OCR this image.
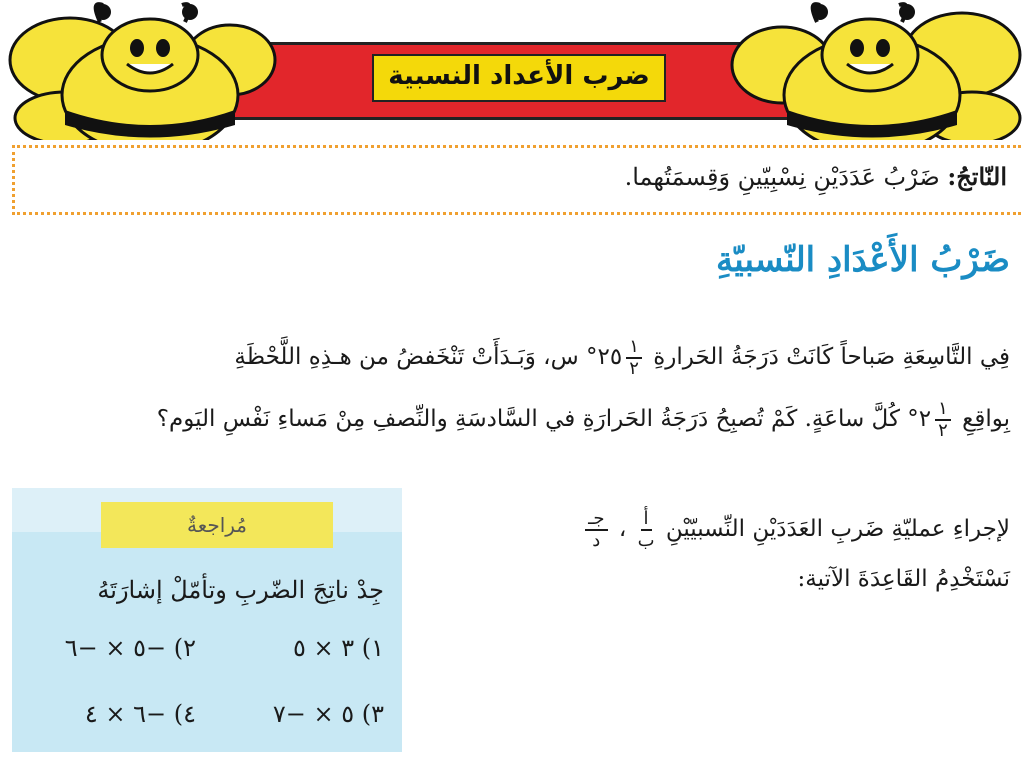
ضرب الأعداد النسبية
النّاتجُ: ضَرْبُ عَدَدَيْنِ نِسْبِيّينِ وَقِسمَتُهما.
ضَرْبُ الأَعْدَادِ النّسبيّةِ
فِي التَّاسِعَةِ صَباحاً كَانَتْ دَرَجَةُ الحَرارةِ
$\frac{١}{٢}$
٢٥° س، وَبَـدَأَتْ تَنْخَفضُ من هـذِهِ اللَّحْظَةِ
بِواقِعِ
$\frac{١}{٢}$
٢° كُلَّ ساعَةٍ. كَمْ تُصبِحُ دَرَجَةُ الحَرارَةِ في السَّادسَةِ والنِّصفِ مِنْ مَساءِ نَفْسِ اليَوم؟
لإجراءِ عمليّةِ ضَربِ العَدَدَيْنِ النِّسبيّيْنِ
$\frac{\text{أ}}{\text{ب}}$
،
$\frac{\text{جـ}}{\text{د}}$
نَسْتَخْدِمُ القَاعِدَةَ الآتية:
مُراجعةٌ
جِدْ ناتِجَ الضّربِ وتأمّلْ إشارَتَهُ
١) ٣ × ٥
٢) −٥ × −٦
٣) ٥ × −٧
٤) −٦ × ٤
